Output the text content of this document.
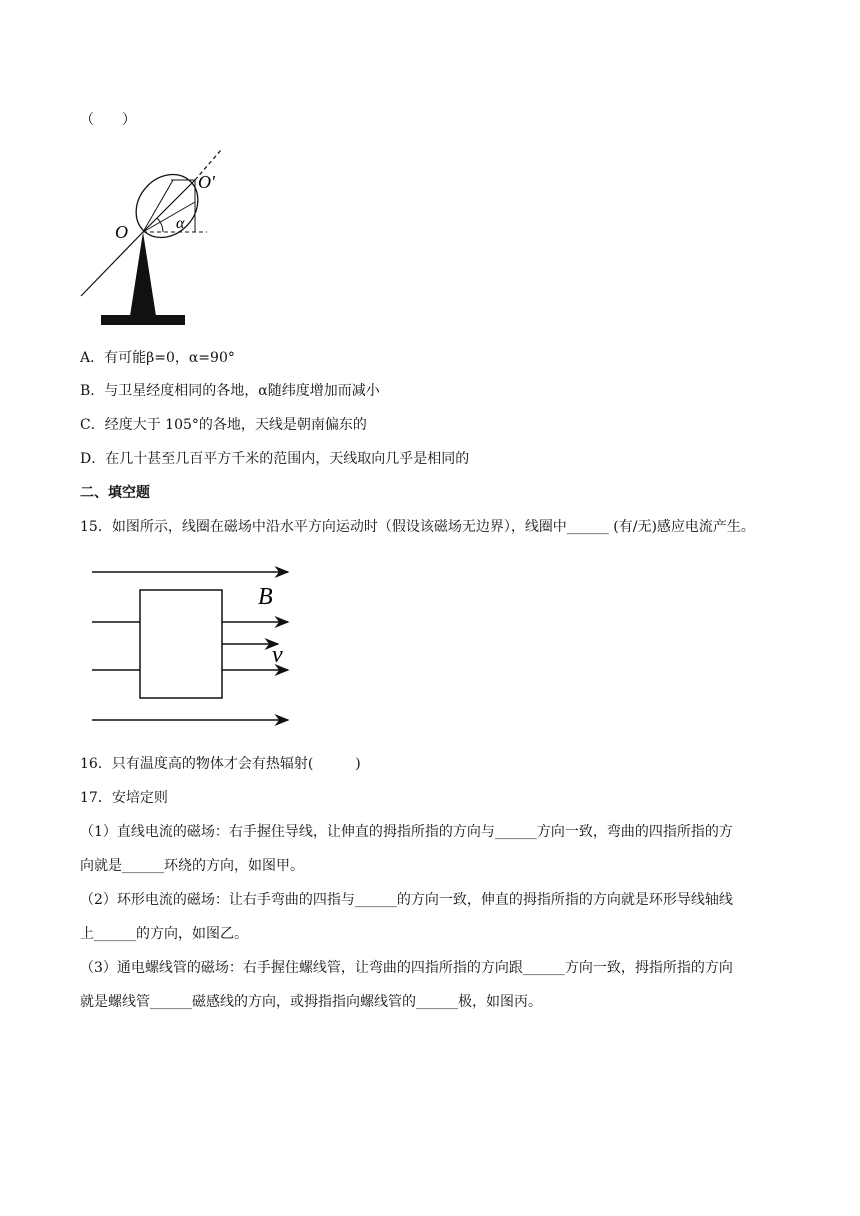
（　　）
O
O′
α
A．有可能β=0，α=90°
B．与卫星经度相同的各地，α随纬度增加而减小
C．经度大于 105°的各地，天线是朝南偏东的
D．在几十甚至几百平方千米的范围内，天线取向几乎是相同的
二、填空题
15．如图所示，线圈在磁场中沿水平方向运动时（假设该磁场无边界），线圈中______ (有/无)感应电流产生。
B
v
16．只有温度高的物体才会有热辐射(　　　)
17．安培定则
（1）直线电流的磁场：右手握住导线，让伸直的拇指所指的方向与______方向一致，弯曲的四指所指的方
向就是______环绕的方向，如图甲。
（2）环形电流的磁场：让右手弯曲的四指与______的方向一致，伸直的拇指所指的方向就是环形导线轴线
上______的方向，如图乙。
（3）通电螺线管的磁场：右手握住螺线管，让弯曲的四指所指的方向跟______方向一致，拇指所指的方向
就是螺线管______磁感线的方向，或拇指指向螺线管的______极，如图丙。
